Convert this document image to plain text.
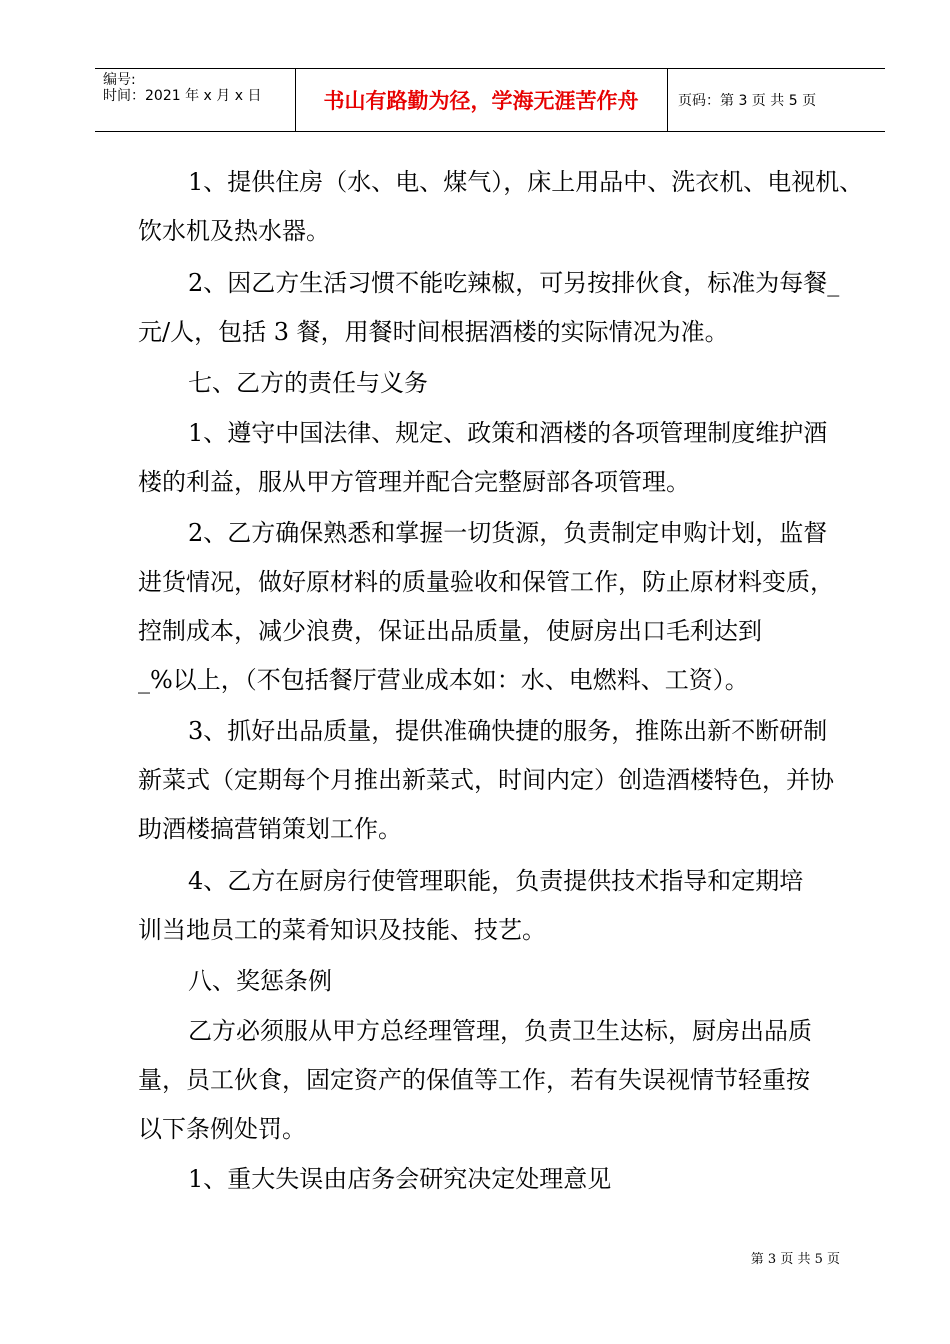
编号:
时间：2021 年 x 月 x 日	书山有路勤为径，学海无涯苦作舟	页码：第 3 页 共 5 页
1、提供住房（水、电、煤气），床上用品中、洗衣机、电视机、
饮水机及热水器。
2、因乙方生活习惯不能吃辣椒，可另按排伙食，标准为每餐_
元/人，包括 3 餐，用餐时间根据酒楼的实际情况为准。
七、乙方的责任与义务
1、遵守中国法律、规定、政策和酒楼的各项管理制度维护酒
楼的利益，服从甲方管理并配合完整厨部各项管理。
2、乙方确保熟悉和掌握一切货源，负责制定申购计划，监督
进货情况，做好原材料的质量验收和保管工作，防止原材料变质，
控制成本，减少浪费，保证出品质量，使厨房出口毛利达到
_%以上，（不包括餐厅营业成本如：水、电燃料、工资）。
3、抓好出品质量，提供准确快捷的服务，推陈出新不断研制
新菜式（定期每个月推出新菜式，时间内定）创造酒楼特色，并协
助酒楼搞营销策划工作。
4、乙方在厨房行使管理职能，负责提供技术指导和定期培
训当地员工的菜肴知识及技能、技艺。
八、奖惩条例
乙方必须服从甲方总经理管理，负责卫生达标，厨房出品质
量，员工伙食，固定资产的保值等工作，若有失误视情节轻重按
以下条例处罚。
1、重大失误由店务会研究决定处理意见
第 3 页 共 5 页
